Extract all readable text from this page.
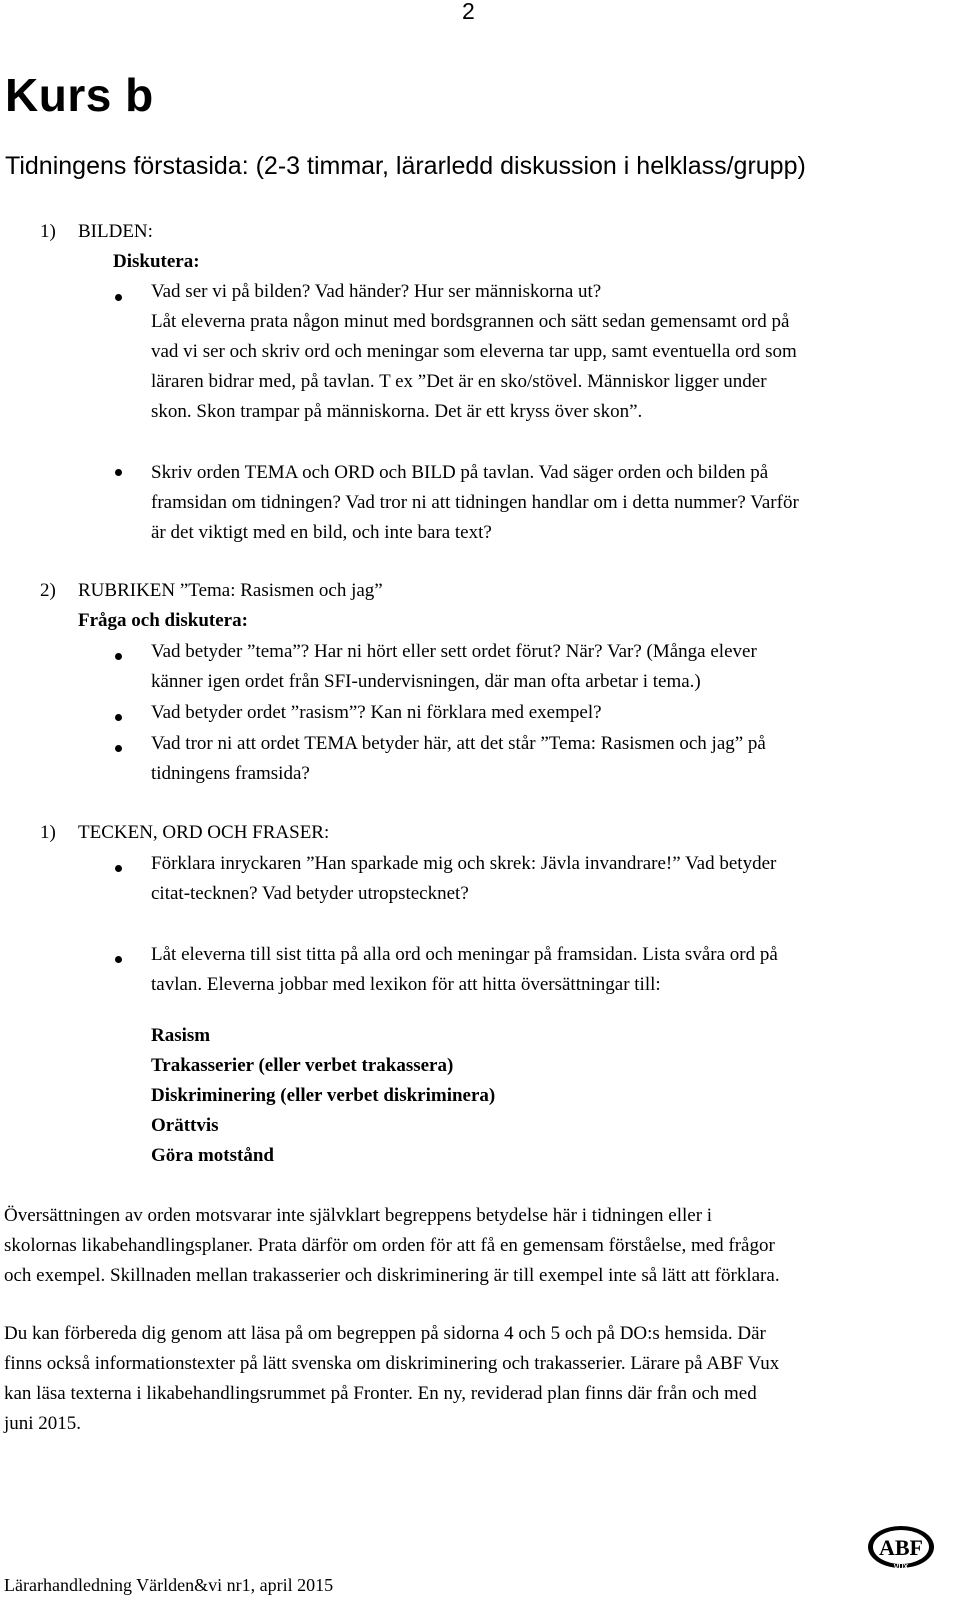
2
Kurs b
Tidningens förstasida: (2-3 timmar, lärarledd diskussion i helklass/grupp)
1) BILDEN:
Diskutera:
Vad ser vi på bilden? Vad händer? Hur ser människorna ut?
Låt eleverna prata någon minut med bordsgrannen och sätt sedan gemensamt ord på
vad vi ser och skriv ord och meningar som eleverna tar upp, samt eventuella ord som
läraren bidrar med, på tavlan. T ex ”Det är en sko/stövel. Människor ligger under
skon. Skon trampar på människorna. Det är ett kryss över skon”.
Skriv orden TEMA och ORD och BILD på tavlan. Vad säger orden och bilden på
framsidan om tidningen? Vad tror ni att tidningen handlar om i detta nummer? Varför
är det viktigt med en bild, och inte bara text?
2) RUBRIKEN ”Tema: Rasismen och jag”
Fråga och diskutera:
Vad betyder ”tema”? Har ni hört eller sett ordet förut? När? Var? (Många elever
känner igen ordet från SFI-undervisningen, där man ofta arbetar i tema.)
Vad betyder ordet ”rasism”? Kan ni förklara med exempel?
Vad tror ni att ordet TEMA betyder här, att det står ”Tema: Rasismen och jag” på
tidningens framsida?
1) TECKEN, ORD OCH FRASER:
Förklara inryckaren ”Han sparkade mig och skrek: Jävla invandrare!” Vad betyder
citat-tecknen? Vad betyder utropstecknet?
Låt eleverna till sist titta på alla ord och meningar på framsidan. Lista svåra ord på
tavlan. Eleverna jobbar med lexikon för att hitta översättningar till:
Rasism
Trakasserier (eller verbet trakassera)
Diskriminering (eller verbet diskriminera)
Orättvis
Göra motstånd
Översättningen av orden motsvarar inte självklart begreppens betydelse här i tidningen eller i
skolornas likabehandlingsplaner. Prata därför om orden för att få en gemensam förståelse, med frågor
och exempel. Skillnaden mellan trakasserier och diskriminering är till exempel inte så lätt att förklara.
Du kan förbereda dig genom att läsa på om begreppen på sidorna 4 och 5 och på DO:s hemsida. Där
finns också informationstexter på lätt svenska om diskriminering och trakasserier. Lärare på ABF Vux
kan läsa texterna i likabehandlingsrummet på Fronter. En ny, reviderad plan finns där från och med
juni 2015.
Lärarhandledning Världen&vi nr1, april 2015
ABF
VUX
